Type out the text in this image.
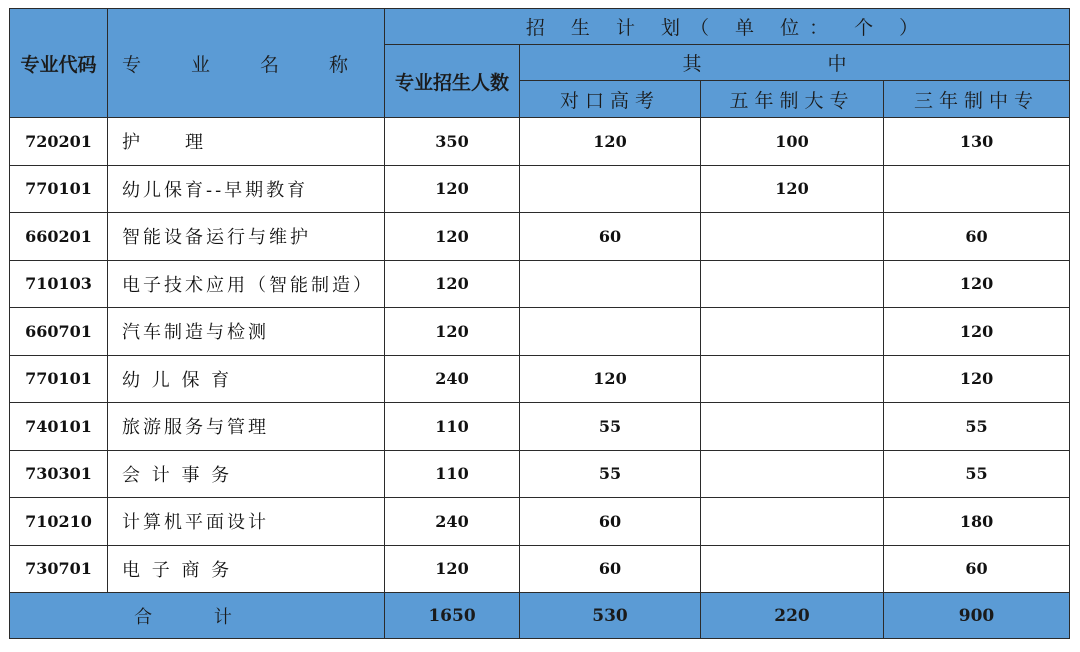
专业代码	专 业 名 称	招 生 计 划（ 单 位： 个 ）			
		专业招生人数	其 中		
			对口高考	五年制大专	三年制中专
720201	护　　理	350	120	100	130
770101	幼儿保育--早期教育	120		120	
660201	智能设备运行与维护	120	60		60
710103	电子技术应用（智能制造）	120			120
660701	汽车制造与检测	120			120
770101	幼 儿 保 育	240	120		120
740101	旅游服务与管理	110	55		55
730301	会 计 事 务	110	55		55
710210	计算机平面设计	240	60		180
730701	电 子 商 务	120	60		60
合 计		1650	530	220	900
